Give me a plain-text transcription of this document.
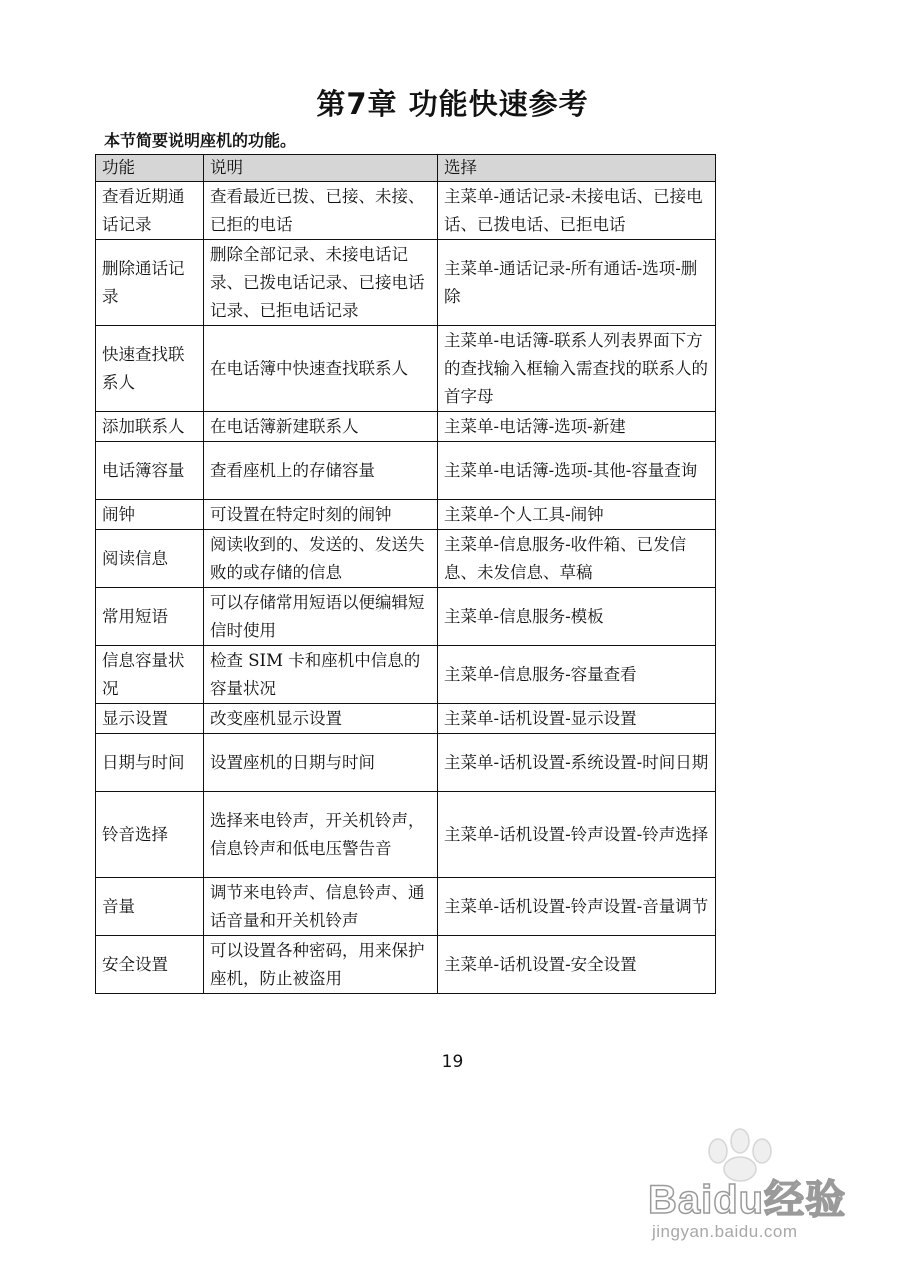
第7章 功能快速参考

本节简要说明座机的功能。

功能	说明	选择
查看近期通话记录	查看最近已拨、已接、未接、已拒的电话	主菜单-通话记录-未接电话、已接电话、已拨电话、已拒电话
删除通话记录	删除全部记录、未接电话记录、已拨电话记录、已接电话记录、已拒电话记录	主菜单-通话记录-所有通话-选项-删除
快速查找联系人	在电话簿中快速查找联系人	主菜单-电话簿-联系人列表界面下方的查找输入框输入需查找的联系人的首字母
添加联系人	在电话簿新建联系人	主菜单-电话簿-选项-新建
电话簿容量	查看座机上的存储容量	主菜单-电话簿-选项-其他-容量查询
闹钟	可设置在特定时刻的闹钟	主菜单-个人工具-闹钟
阅读信息	阅读收到的、发送的、发送失败的或存储的信息	主菜单-信息服务-收件箱、已发信息、未发信息、草稿
常用短语	可以存储常用短语以便编辑短信时使用	主菜单-信息服务-模板
信息容量状况	检查 SIM 卡和座机中信息的容量状况	主菜单-信息服务-容量查看
显示设置	改变座机显示设置	主菜单-话机设置-显示设置
日期与时间	设置座机的日期与时间	主菜单-话机设置-系统设置-时间日期
铃音选择	选择来电铃声，开关机铃声，信息铃声和低电压警告音	主菜单-话机设置-铃声设置-铃声选择
音量	调节来电铃声、信息铃声、通话音量和开关机铃声	主菜单-话机设置-铃声设置-音量调节
安全设置	可以设置各种密码，用来保护座机，防止被盗用	主菜单-话机设置-安全设置
19
Baidu经验
jingyan.baidu.com
